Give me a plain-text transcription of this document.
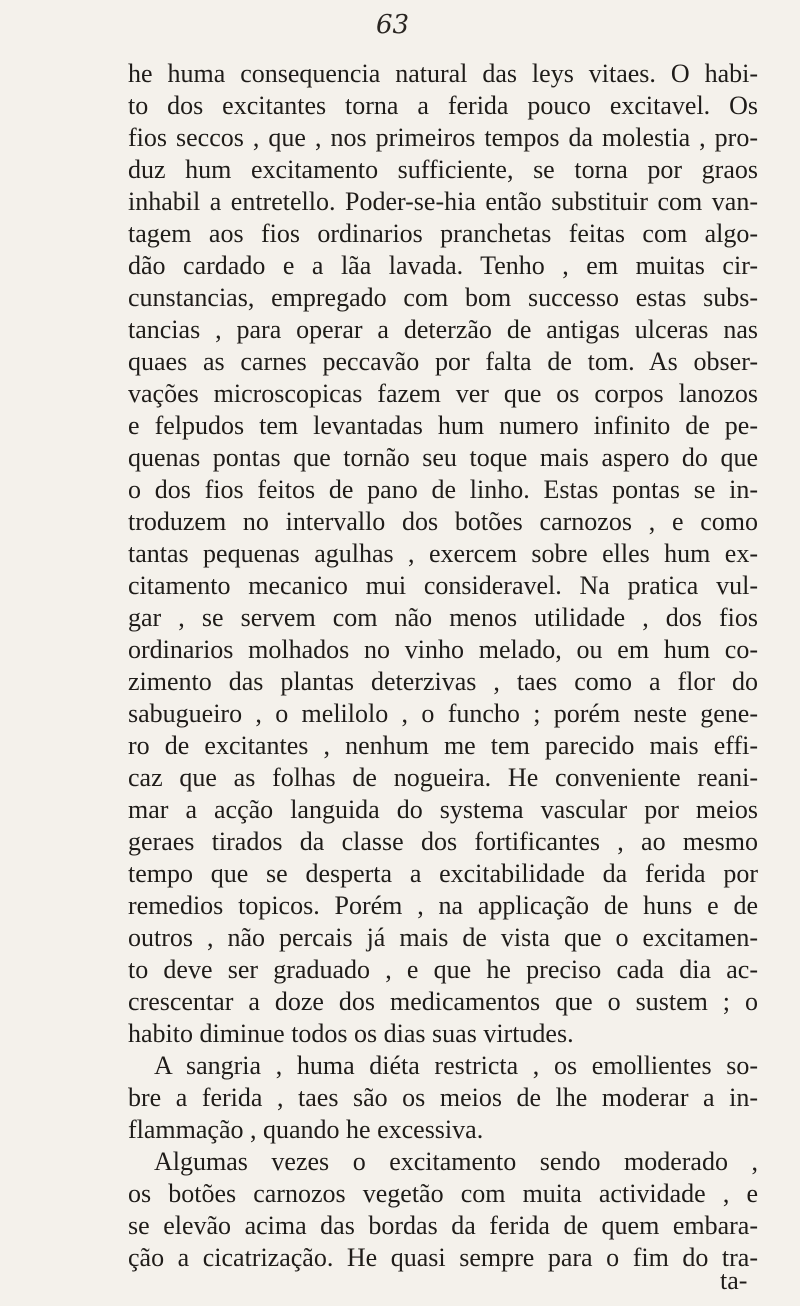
63
he huma consequencia natural das leys vitaes. O habi-
to dos excitantes torna a ferida pouco excitavel. Os
fios seccos , que , nos primeiros tempos da molestia , pro-
duz hum excitamento sufficiente, se torna por graos
inhabil a entretello. Poder-se-hia então substituir com van-
tagem aos fios ordinarios pranchetas feitas com algo-
dão cardado e a lãa lavada. Tenho , em muitas cir-
cunstancias, empregado com bom successo estas subs-
tancias , para operar a deterzão de antigas ulceras nas
quaes as carnes peccavão por falta de tom. As obser-
vações microscopicas fazem ver que os corpos lanozos
e felpudos tem levantadas hum numero infinito de pe-
quenas pontas que tornão seu toque mais aspero do que
o dos fios feitos de pano de linho. Estas pontas se in-
troduzem no intervallo dos botões carnozos , e como
tantas pequenas agulhas , exercem sobre elles hum ex-
citamento mecanico mui consideravel. Na pratica vul-
gar , se servem com não menos utilidade , dos fios
ordinarios molhados no vinho melado, ou em hum co-
zimento das plantas deterzivas , taes como a flor do
sabugueiro , o melilolo , o funcho ; porém neste gene-
ro de excitantes , nenhum me tem parecido mais effi-
caz que as folhas de nogueira. He conveniente reani-
mar a acção languida do systema vascular por meios
geraes tirados da classe dos fortificantes , ao mesmo
tempo que se desperta a excitabilidade da ferida por
remedios topicos. Porém , na applicação de huns e de
outros , não percais já mais de vista que o excitamen-
to deve ser graduado , e que he preciso cada dia ac-
crescentar a doze dos medicamentos que o sustem ; o
habito diminue todos os dias suas virtudes.
A sangria , huma diéta restricta , os emollientes so-
bre a ferida , taes são os meios de lhe moderar a in-
flammação , quando he excessiva.
Algumas vezes o excitamento sendo moderado ,
os botões carnozos vegetão com muita actividade , e
se elevão acima das bordas da ferida de quem embara-
ção a cicatrização. He quasi sempre para o fim do tra-
ta-
